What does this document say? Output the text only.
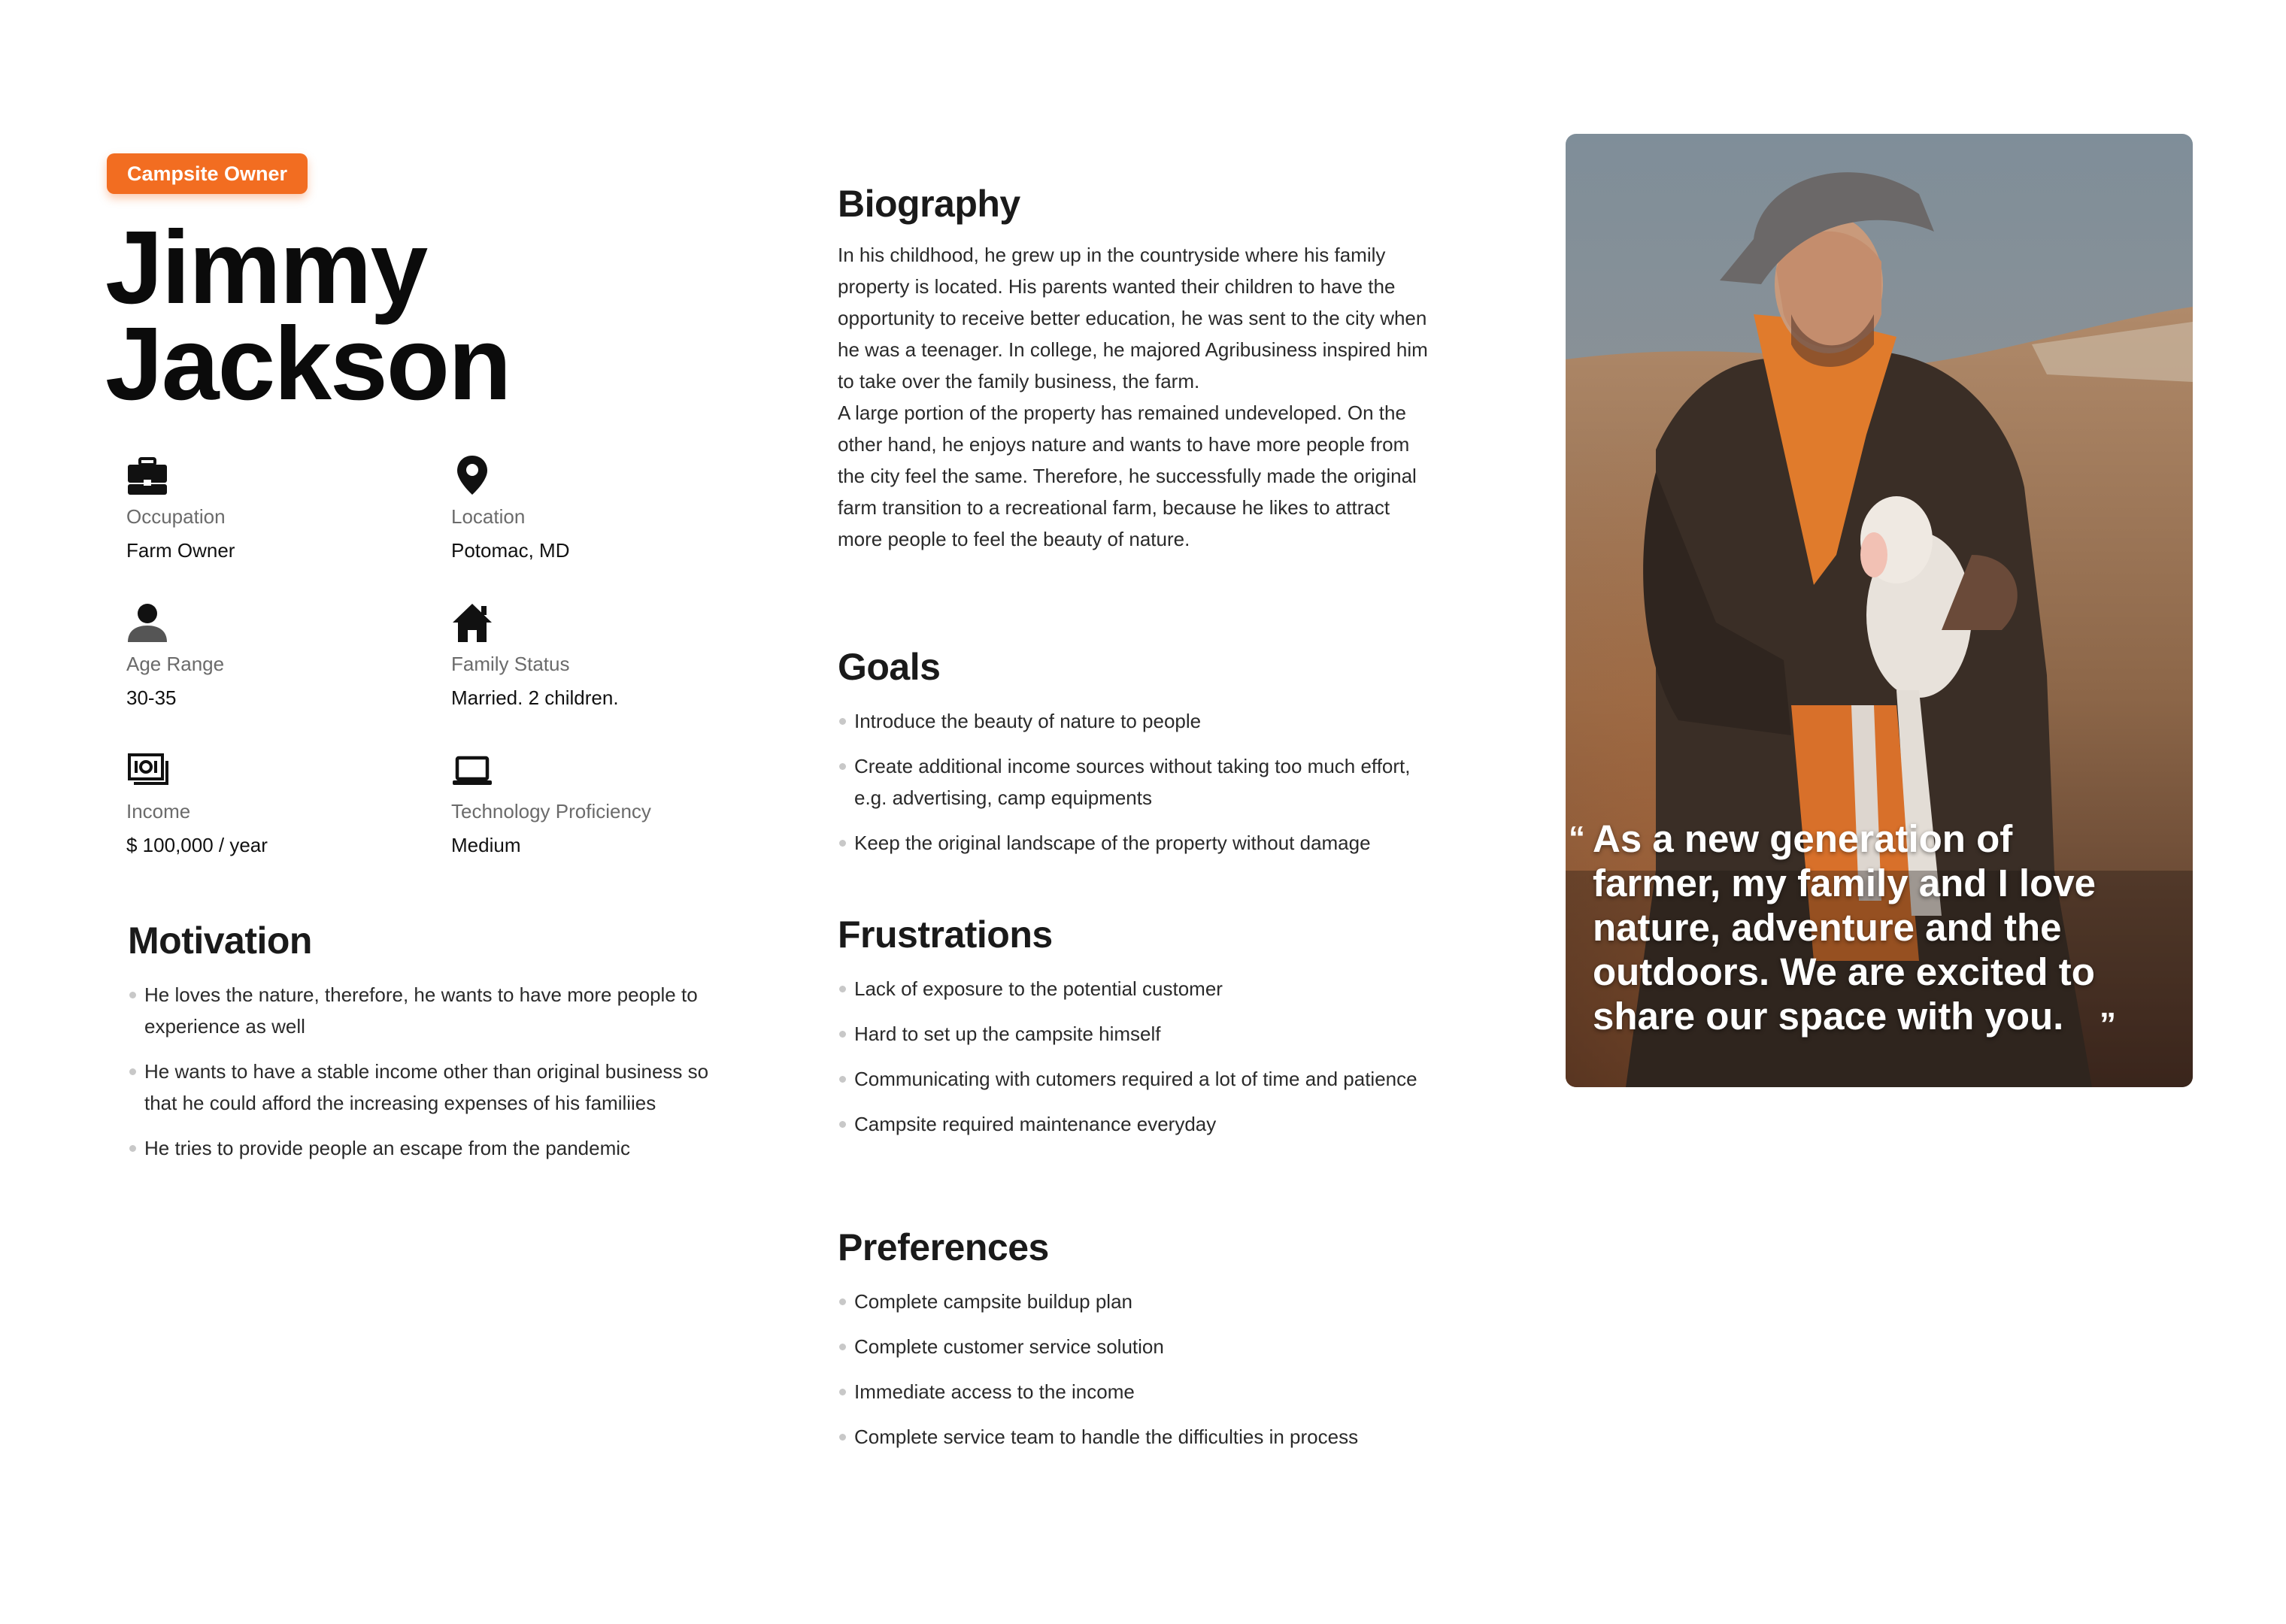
Campsite Owner
Jimmy
Jackson
Occupation
Farm Owner
Location
Potomac, MD
Age Range
30-35
Family Status
Married. 2 children.
Income
$ 100,000 / year
Technology Proficiency
Medium
Motivation
He loves the nature, therefore, he wants to have more people to experience as well
He wants to have a stable income other than original business so that he could afford the increasing expenses of his familiies
He tries to provide people an escape from the pandemic
Biography

In his childhood, he grew up in the countryside where his family property is located. His parents wanted their children to have the opportunity to receive better education, he was sent to the city when he was a teenager. In college, he majored Agribusiness inspired him to take over the family business, the farm.

A large portion of the property has remained undeveloped. On the other hand, he enjoys nature and wants to have more people from the city feel the same. Therefore, he successfully made the original farm transition to a recreational farm, because he likes to attract more people to feel the beauty of nature.

Goals
Introduce the beauty of nature to people
Create additional income sources without taking too much effort, e.g. advertising, camp equipments
Keep the original landscape of the property without damage
Frustrations
Lack of exposure to the potential customer
Hard to set up the campsite himself
Communicating with cutomers required a lot of time and patience
Campsite required maintenance everyday
Preferences
Complete campsite buildup plan
Complete customer service solution
Immediate access to the income
Complete service team to handle the difficulties in process
“ As a new generation of farmer, my family and I love nature, adventure and the outdoors. We are excited to share our space with you.	”
